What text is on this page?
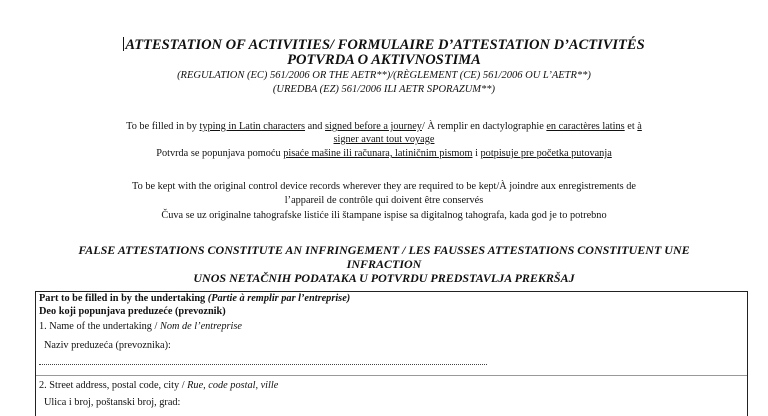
ATTESTATION OF ACTIVITIES/ FORMULAIRE D’ATTESTATION D’ACTIVITÉS
POTVRDA O AKTIVNOSTIMA
(REGULATION (EC) 561/2006 OR THE AETR**)/(RÈGLEMENT (CE) 561/2006 OU L’AETR**)
(UREDBA (EZ) 561/2006 ILI AETR SPORAZUM**)
To be filled in by typing in Latin characters and signed before a journey/ À remplir en dactylographie en caractères latins et à
signer avant tout voyage
Potvrda se popunjava pomoću pisaće mašine ili računara, latiničnim pismom i potpisuje pre početka putovanja
To be kept with the original control device records wherever they are required to be kept/À joindre aux enregistrements de
l’appareil de contrôle qui doivent être conservés
Čuva se uz originalne tahografske listiće ili štampane ispise sa digitalnog tahografa, kada god je to potrebno
FALSE ATTESTATIONS CONSTITUTE AN INFRINGEMENT / LES FAUSSES ATTESTATIONS CONSTITUENT UNE
INFRACTION
UNOS NETAČNIH PODATAKA U POTVRDU PREDSTAVLJA PREKRŠAJ
Part to be filled in by the undertaking (Partie à remplir par l’entreprise)
Deo koji popunjava preduzeće (prevoznik)
1. Name of the undertaking / Nom de l’entreprise
Naziv preduzeća (prevoznika):
2. Street address, postal code, city / Rue, code postal, ville
Ulica i broj, poštanski broj, grad:
